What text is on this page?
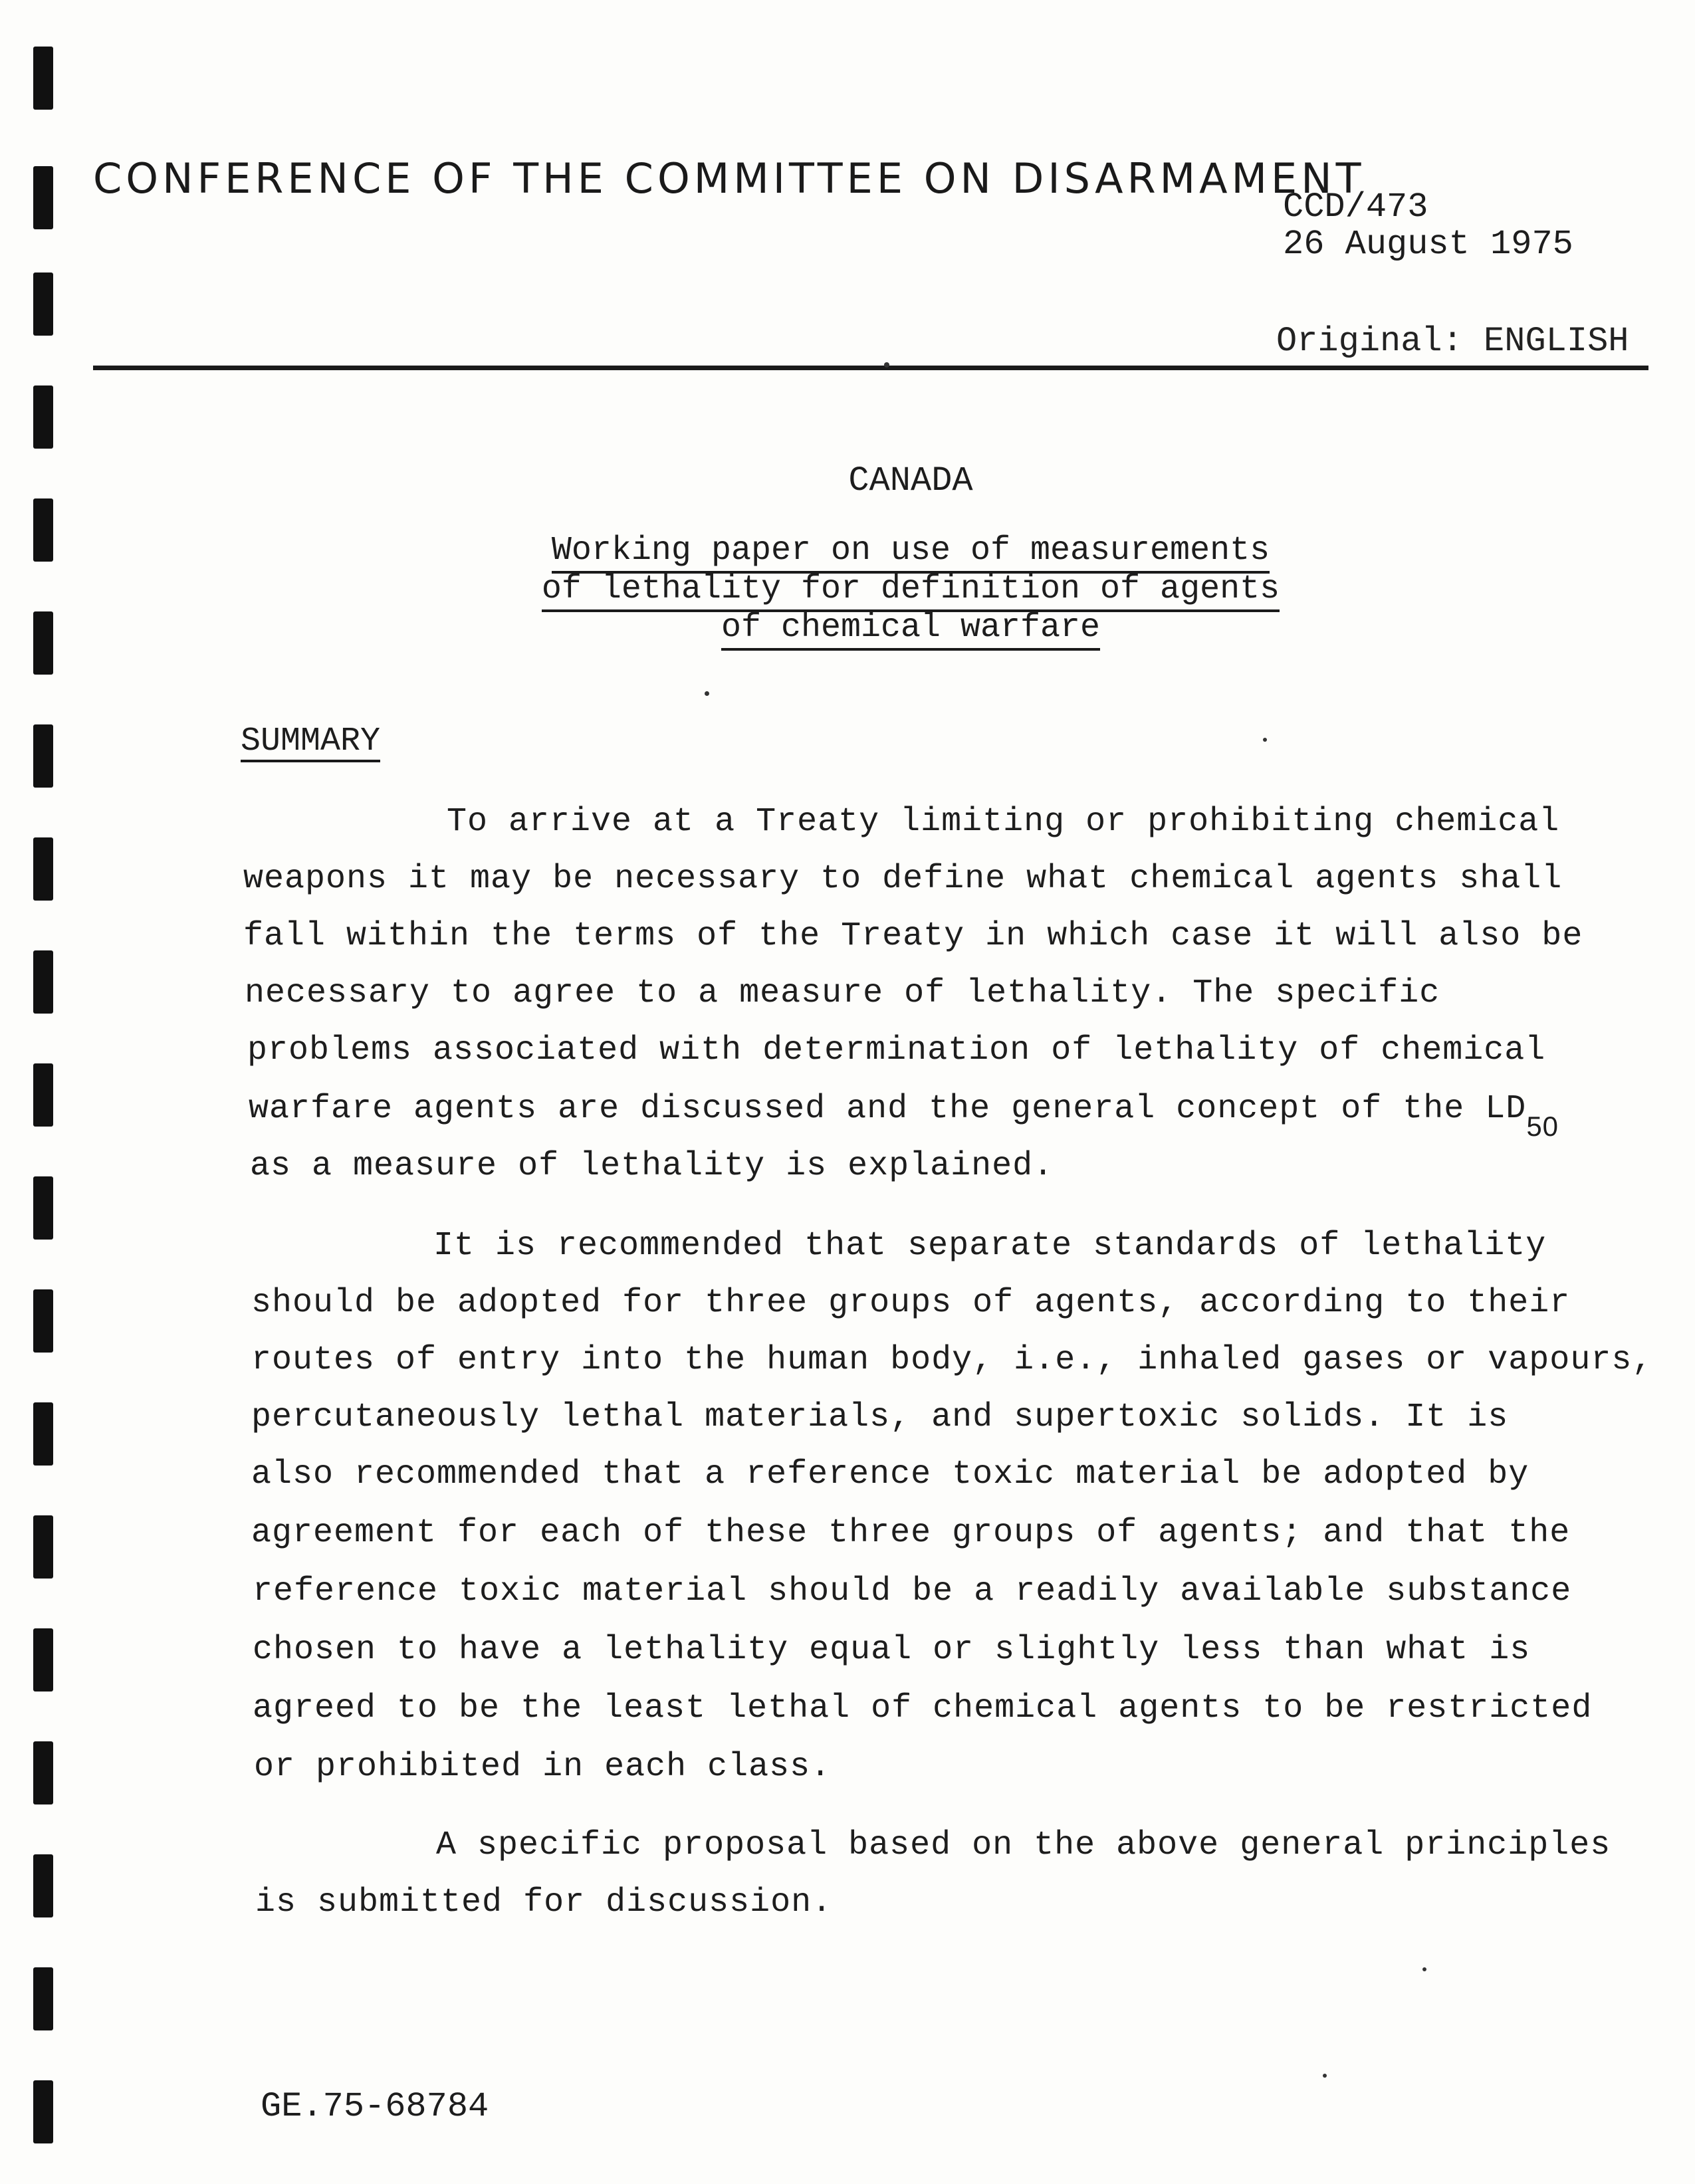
CONFERENCE OF THE COMMITTEE ON DISARMAMENT
CCD/473
26 August 1975
Original: ENGLISH
CANADA
Working paper on use of measurements
of lethality for definition of agents
of chemical warfare
SUMMARY
To arrive at a Treaty limiting or prohibiting chemical
weapons it may be necessary to define what chemical agents shall
fall within the terms of the Treaty in which case it will also be
necessary to agree to a measure of lethality. The specific
problems associated with determination of lethality of chemical
warfare agents are discussed and the general concept of the $LD_{50}$
as a measure of lethality is explained.
It is recommended that separate standards of lethality
should be adopted for three groups of agents, according to their
routes of entry into the human body, i.e., inhaled gases or vapours,
percutaneously lethal materials, and supertoxic solids. It is
also recommended that a reference toxic material be adopted by
agreement for each of these three groups of agents; and that the
reference toxic material should be a readily available substance
chosen to have a lethality equal or slightly less than what is
agreed to be the least lethal of chemical agents to be restricted
or prohibited in each class.
A specific proposal based on the above general principles
is submitted for discussion.
GE.75-68784
